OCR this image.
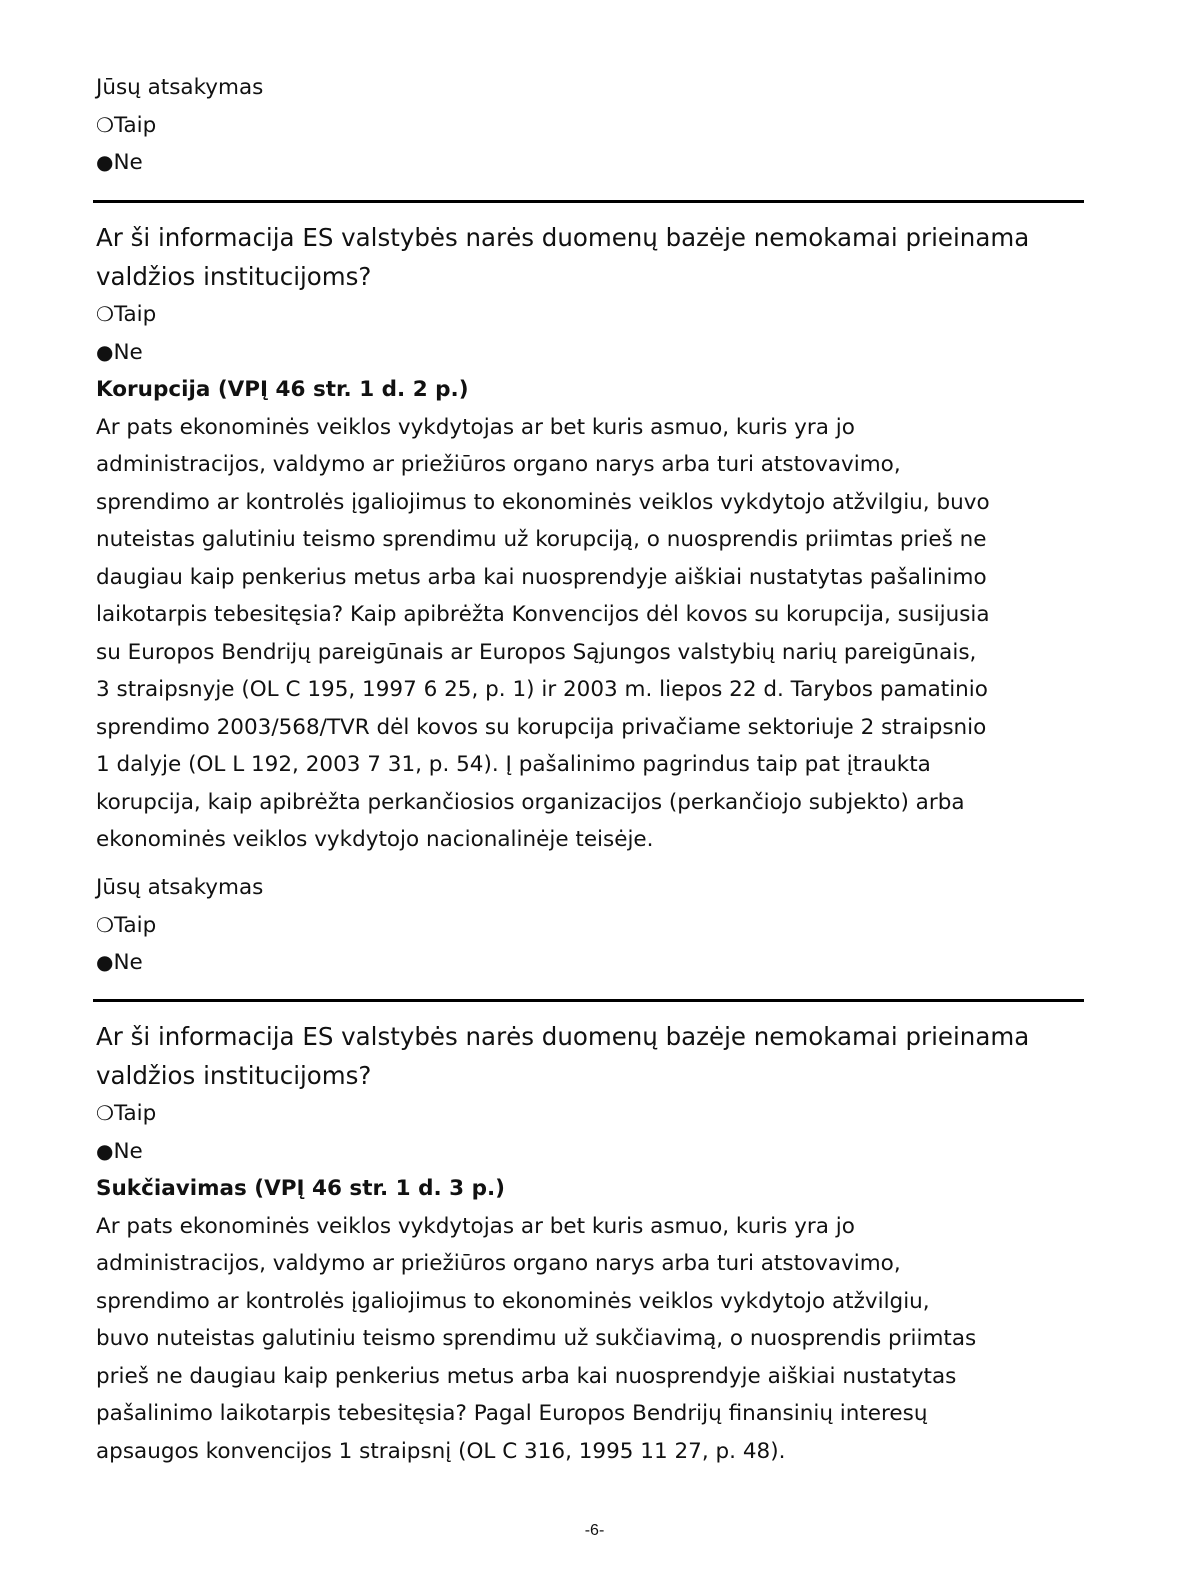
Jūsų atsakymas
❍ Taip
● Ne
Ar ši informacija ES valstybės narės duomenų bazėje nemokamai prieinama
valdžios institucijoms?
❍ Taip
● Ne
Korupcija (VPĮ 46 str. 1 d. 2 p.)
Ar pats ekonominės veiklos vykdytojas ar bet kuris asmuo, kuris yra jo
administracijos, valdymo ar priežiūros organo narys arba turi atstovavimo,
sprendimo ar kontrolės įgaliojimus to ekonominės veiklos vykdytojo atžvilgiu, buvo
nuteistas galutiniu teismo sprendimu už korupciją, o nuosprendis priimtas prieš ne
daugiau kaip penkerius metus arba kai nuosprendyje aiškiai nustatytas pašalinimo
laikotarpis tebesitęsia? Kaip apibrėžta Konvencijos dėl kovos su korupcija, susijusia
su Europos Bendrijų pareigūnais ar Europos Sąjungos valstybių narių pareigūnais,
3 straipsnyje (OL C 195, 1997 6 25, p. 1) ir 2003 m. liepos 22 d. Tarybos pamatinio
sprendimo 2003/568/TVR dėl kovos su korupcija privačiame sektoriuje 2 straipsnio
1 dalyje (OL L 192, 2003 7 31, p. 54). Į pašalinimo pagrindus taip pat įtraukta
korupcija, kaip apibrėžta perkančiosios organizacijos (perkančiojo subjekto) arba
ekonominės veiklos vykdytojo nacionalinėje teisėje.
Jūsų atsakymas
❍ Taip
● Ne
Ar ši informacija ES valstybės narės duomenų bazėje nemokamai prieinama
valdžios institucijoms?
❍ Taip
● Ne
Sukčiavimas (VPĮ 46 str. 1 d. 3 p.)
Ar pats ekonominės veiklos vykdytojas ar bet kuris asmuo, kuris yra jo
administracijos, valdymo ar priežiūros organo narys arba turi atstovavimo,
sprendimo ar kontrolės įgaliojimus to ekonominės veiklos vykdytojo atžvilgiu,
buvo nuteistas galutiniu teismo sprendimu už sukčiavimą, o nuosprendis priimtas
prieš ne daugiau kaip penkerius metus arba kai nuosprendyje aiškiai nustatytas
pašalinimo laikotarpis tebesitęsia? Pagal Europos Bendrijų finansinių interesų
apsaugos konvencijos 1 straipsnį (OL C 316, 1995 11 27, p. 48).
-6-
